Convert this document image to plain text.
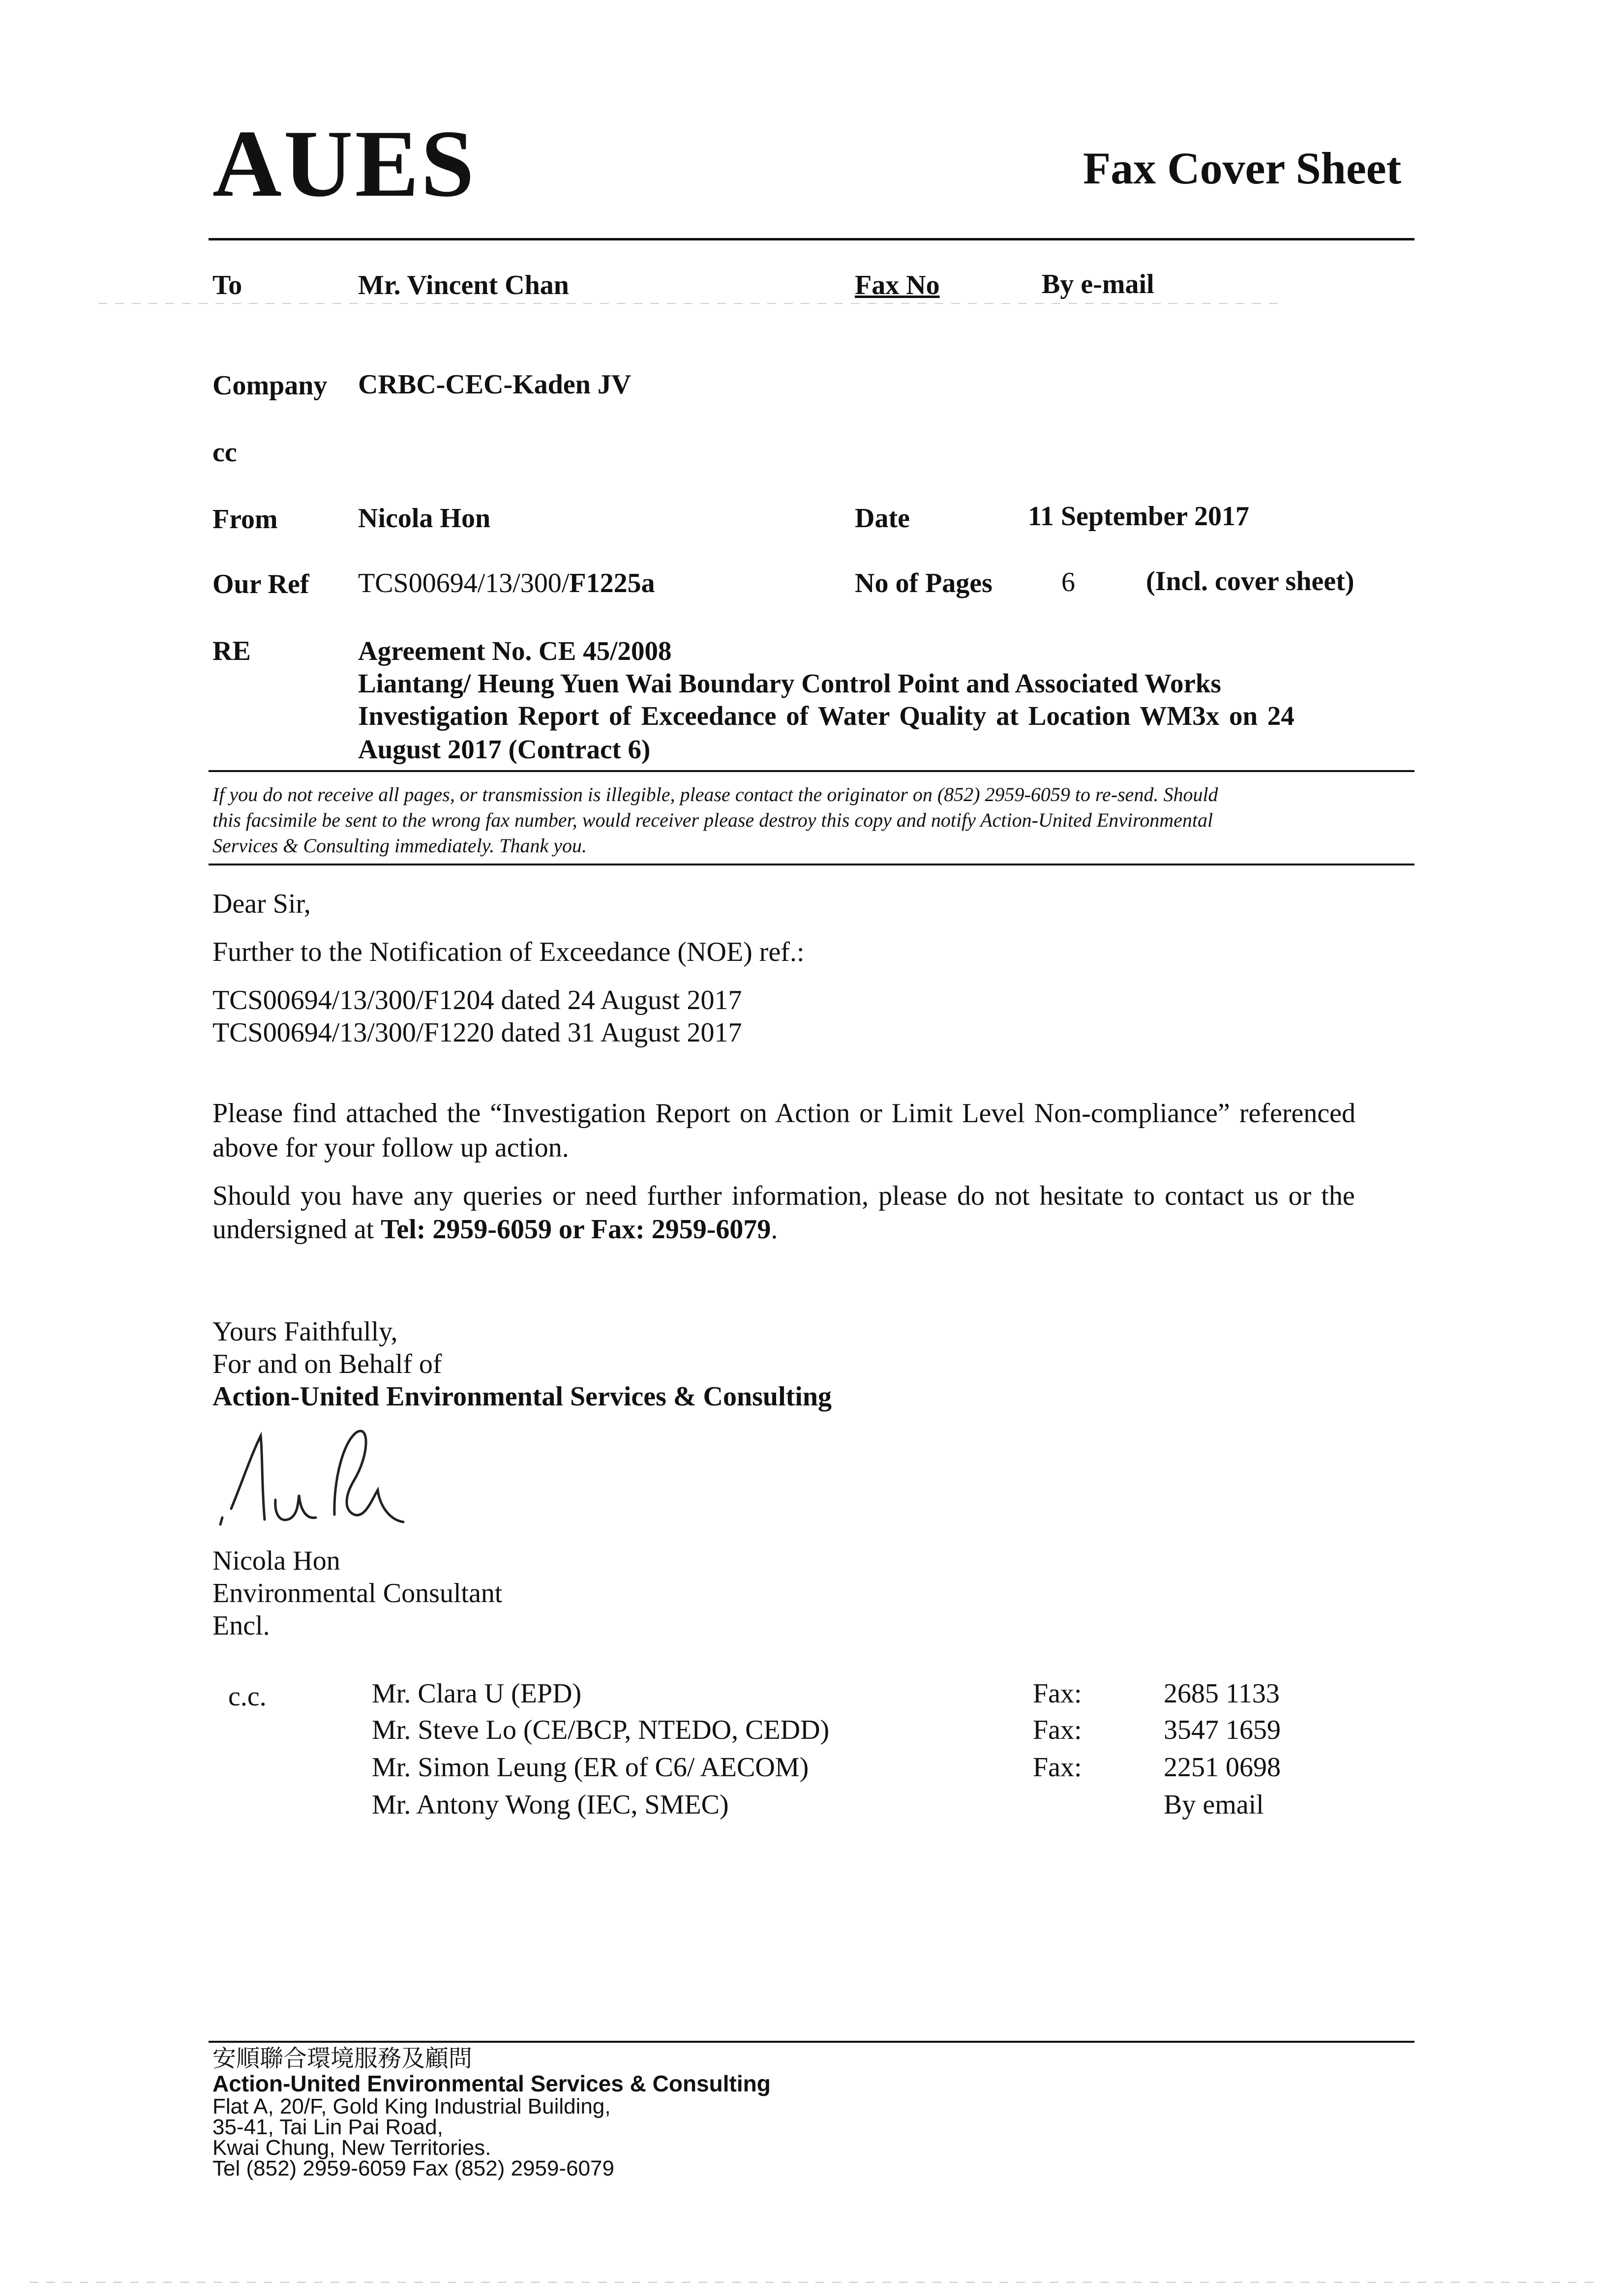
AUES	Fax Cover Sheet
To	Mr. Vincent Chan	Fax No	By e-mail
Company CRBC-CEC-Kaden JV
cc
From	Nicola Hon	Date	11 September 2017
Our Ref TCS00694/13/300/F1225a	No of Pages	6	(Incl. cover sheet)
RE	Agreement No. CE 45/2008
Liantang/ Heung Yuen Wai Boundary Control Point and Associated Works
Investigation Report of Exceedance of Water Quality at Location WM3x on 24
August 2017 (Contract 6)
If you do not receive all pages, or transmission is illegible, please contact the originator on (852) 2959-6059 to re-send. Should
this facsimile be sent to the wrong fax number, would receiver please destroy this copy and notify Action-United Environmental
Services & Consulting immediately. Thank you.
Dear Sir,
Further to the Notification of Exceedance (NOE) ref.:
TCS00694/13/300/F1204 dated 24 August 2017
TCS00694/13/300/F1220 dated 31 August 2017
Please find attached the “Investigation Report on Action or Limit Level Non-compliance” referenced
above for your follow up action.
Should you have any queries or need further information, please do not hesitate to contact us or the
undersigned at Tel: 2959-6059 or Fax: 2959-6079.
Yours Faithfully,
For and on Behalf of
Action-United Environmental Services & Consulting
Nicola Hon
Environmental Consultant
Encl.
c.c.	Mr. Clara U (EPD)	Fax:	2685 1133
Mr. Steve Lo (CE/BCP, NTEDO, CEDD)	Fax:	3547 1659
Mr. Simon Leung (ER of C6/ AECOM)	Fax:	2251 0698
Mr. Antony Wong (IEC, SMEC)	By email
安順聯合環境服務及顧問
Action-United Environmental Services & Consulting
Flat A, 20/F, Gold King Industrial Building,
35-41, Tai Lin Pai Road,
Kwai Chung, New Territories.
Tel (852) 2959-6059 Fax (852) 2959-6079
